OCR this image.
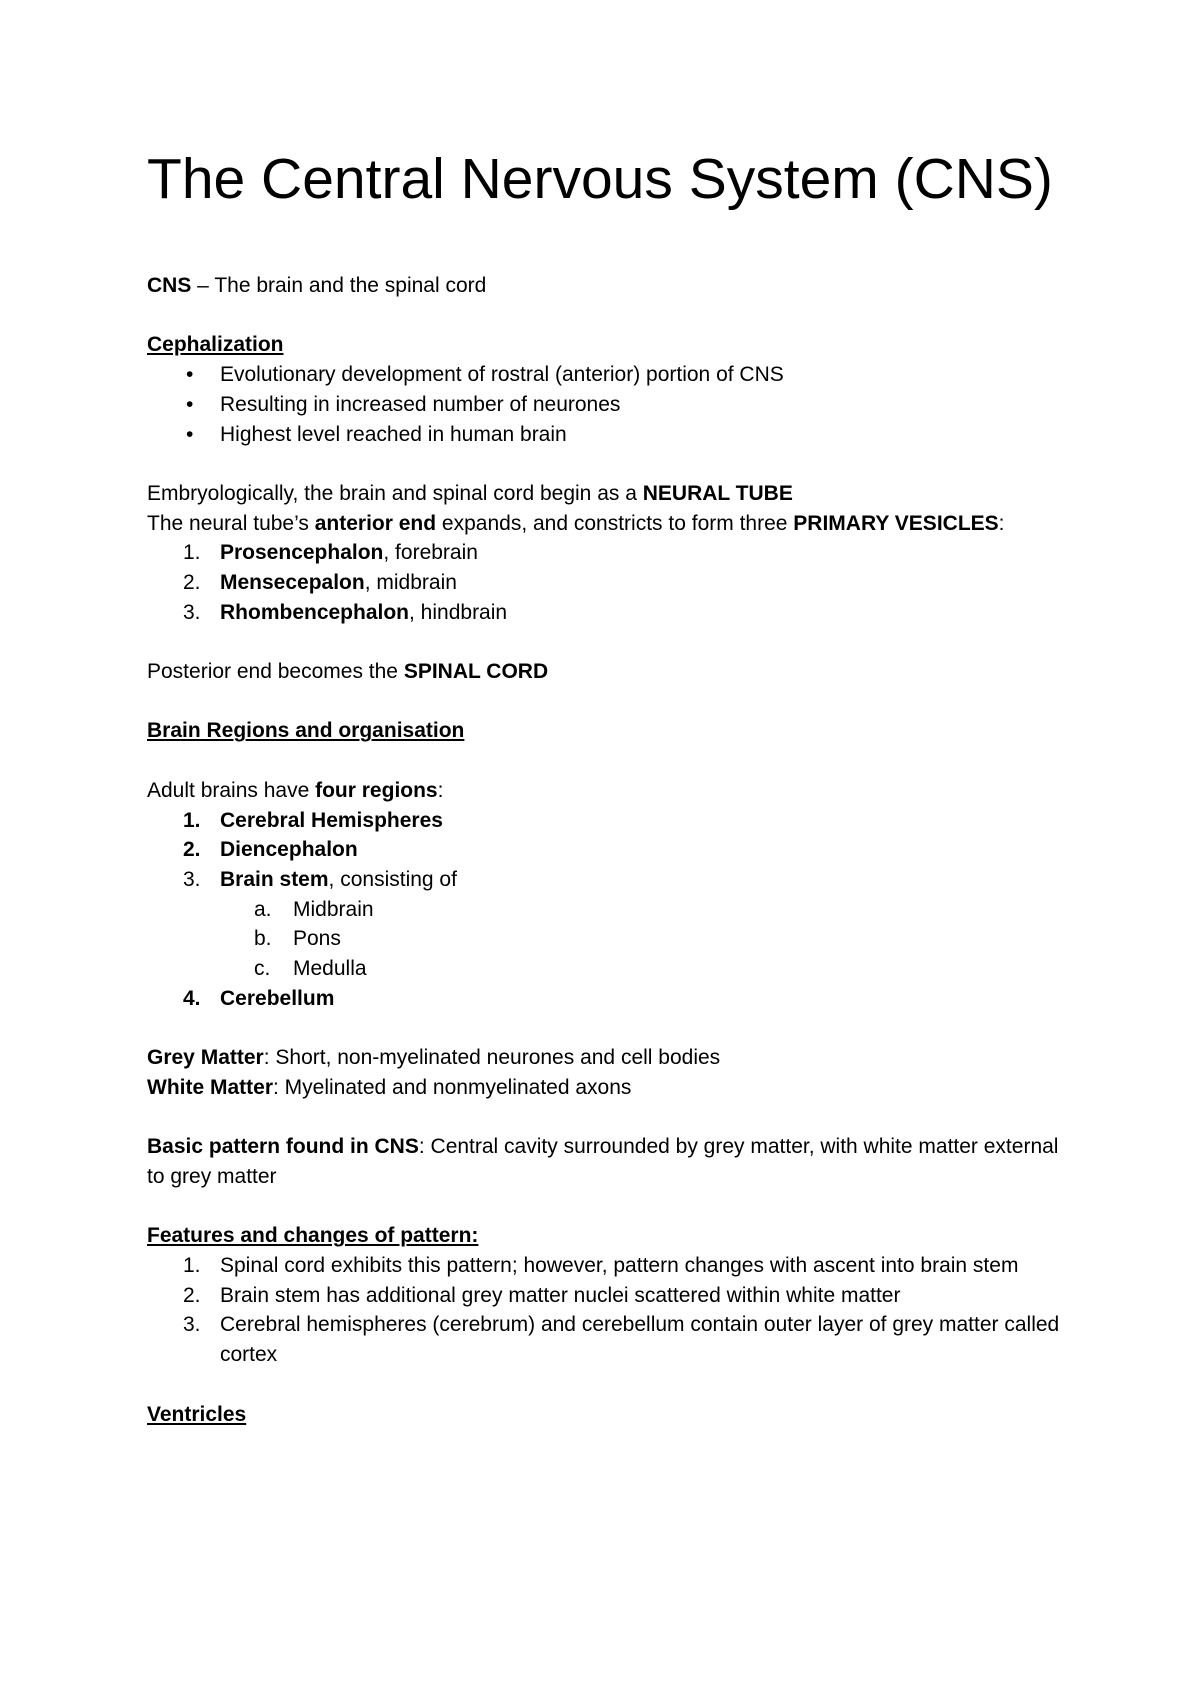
The Central Nervous System (CNS)

CNS – The brain and the spinal cord

Cephalization

• Evolutionary development of rostral (anterior) portion of CNS
• Resulting in increased number of neurones
• Highest level reached in human brain

Embryologically, the brain and spinal cord begin as a NEURAL TUBE

The neural tube’s anterior end expands, and constricts to form three PRIMARY VESICLES:

1. Prosencephalon, forebrain
2. Mensecepalon, midbrain
3. Rhombencephalon, hindbrain

Posterior end becomes the SPINAL CORD

Brain Regions and organisation

Adult brains have four regions:

1. Cerebral Hemispheres
2. Diencephalon
3. Brain stem, consisting of
a. Midbrain
b. Pons
c. Medulla
4. Cerebellum

Grey Matter: Short, non-myelinated neurones and cell bodies

White Matter: Myelinated and nonmyelinated axons

Basic pattern found in CNS: Central cavity surrounded by grey matter, with white matter external to grey matter

Features and changes of pattern:

1. Spinal cord exhibits this pattern; however, pattern changes with ascent into brain stem
2. Brain stem has additional grey matter nuclei scattered within white matter
3. Cerebral hemispheres (cerebrum) and cerebellum contain outer layer of grey matter called cortex

Ventricles
